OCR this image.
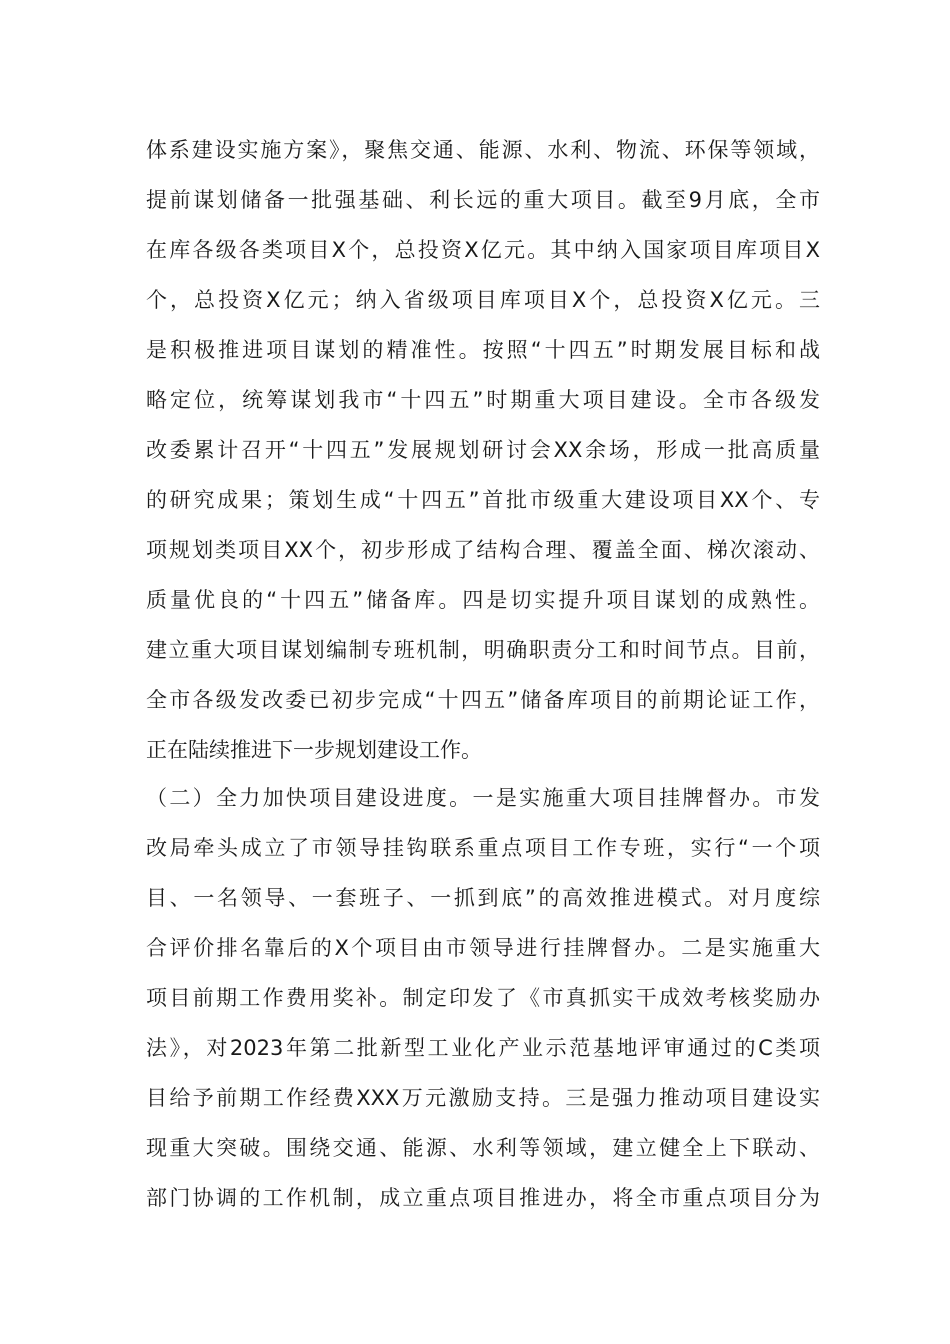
体系建设实施方案》，聚焦交通、能源、水利、物流、环保等领域，
提前谋划储备一批强基础、利长远的重大项目。截至9月底，全市
在库各级各类项目X个，总投资X亿元。其中纳入国家项目库项目X
个，总投资X亿元；纳入省级项目库项目X个，总投资X亿元。三
是积极推进项目谋划的精准性。按照“十四五”时期发展目标和战
略定位，统筹谋划我市“十四五”时期重大项目建设。全市各级发
改委累计召开“十四五”发展规划研讨会XX余场，形成一批高质量
的研究成果；策划生成“十四五”首批市级重大建设项目XX个、专
项规划类项目XX个，初步形成了结构合理、覆盖全面、梯次滚动、
质量优良的“十四五”储备库。四是切实提升项目谋划的成熟性。
建立重大项目谋划编制专班机制，明确职责分工和时间节点。目前，
全市各级发改委已初步完成“十四五”储备库项目的前期论证工作，
正在陆续推进下一步规划建设工作。
（二）全力加快项目建设进度。一是实施重大项目挂牌督办。市发
改局牵头成立了市领导挂钩联系重点项目工作专班，实行“一个项
目、一名领导、一套班子、一抓到底”的高效推进模式。对月度综
合评价排名靠后的X个项目由市领导进行挂牌督办。二是实施重大
项目前期工作费用奖补。制定印发了《市真抓实干成效考核奖励办
法》，对2023年第二批新型工业化产业示范基地评审通过的C类项
目给予前期工作经费XXX万元激励支持。三是强力推动项目建设实
现重大突破。围绕交通、能源、水利等领域，建立健全上下联动、
部门协调的工作机制，成立重点项目推进办，将全市重点项目分为
